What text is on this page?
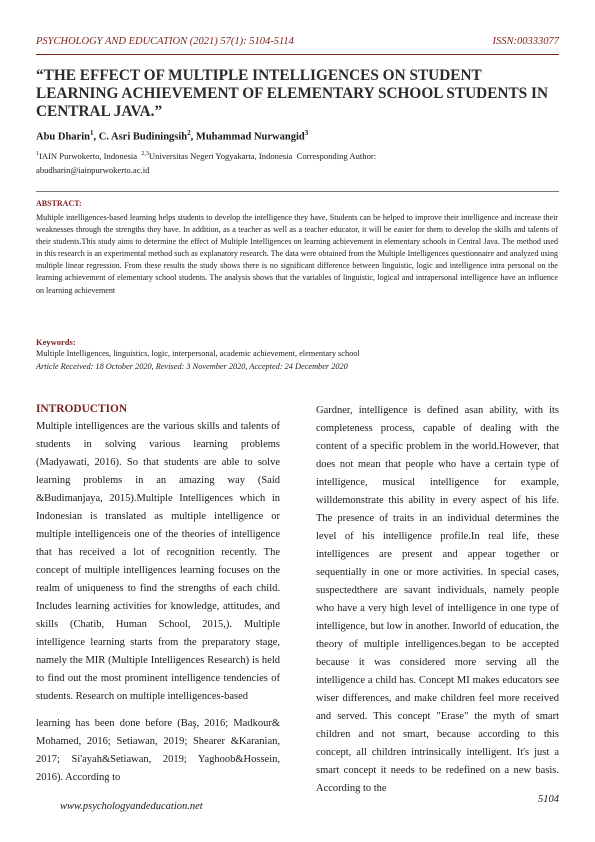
PSYCHOLOGY AND EDUCATION (2021) 57(1): 5104-5114	ISSN:00333077
“THE EFFECT OF MULTIPLE INTELLIGENCES ON STUDENT LEARNING ACHIEVEMENT OF ELEMENTARY SCHOOL STUDENTS IN CENTRAL JAVA.”
Abu Dharin$^1$, C. Asri Budiningsih$^2$, Muhammad Nurwangid$^3$
$^1$IAIN Purwokerto, Indonesia $^{2,3}$Universitas Negeri Yogyakarta, Indonesia Corresponding Author:
abudharin@iainpurwokerto.ac.id
ABSTRACT:
Multiple intelligences-based learning helps students to develop the intelligence they have, Students can be helped to improve their intelligence and increase their weaknesses through the strengths they have. In addition, as a teacher as well as a teacher educator, it will be easier for them to develop the skills and talents of their students.This study aims to determine the effect of Multiple Intelligences on learning achievement in elementary schools in Central Java. The method used in this research is an experimental method such as explanatory research. The data were obtained from the Multiple Intelligences questionnaire and analyzed using multiple linear regression. From these results the study shows there is no significant difference between linguistic, logic and intelligence intra personal on the learning achievement of elementary school students. The analysis shows that the variables of linguistic, logical and intrapersonal intelligence have an influence on learning achievement
Keywords:
Multiple Intelligences, linguistics, logic, interpersonal, academic achievement, elementary school
Article Received: 18 October 2020, Revised: 3 November 2020, Accepted: 24 December 2020
INTRODUCTION
Multiple intelligences are the various skills and talents of students in solving various learning problems (Madyawati, 2016). So that students are able to solve learning problems in an amazing way (Said &Budimanjaya, 2015).Multiple Intelligences which in Indonesian is translated as multiple intelligence or multiple intelligenceis one of the theories of intelligence that has received a lot of recognition recently. The concept of multiple intelligences learning focuses on the realm of uniqueness to find the strengths of each child. Includes learning activities for knowledge, attitudes, and skills (Chatib, Human School, 2015,). Multiple intelligence learning starts from the preparatory stage, namely the MIR (Multiple Intelligences Research) is held to find out the most prominent intelligence tendencies of students. Research on multiple intelligences-based
learning has been done before (Baş, 2016; Madkour& Mohamed, 2016; Setiawan, 2019; Shearer &Karanian, 2017; Si'ayah&Setiawan, 2019; Yaghoob&Hossein, 2016). According to
Gardner, intelligence is defined asan ability, with its completeness process, capable of dealing with the content of a specific problem in the world.However, that does not mean that people who have a certain type of intelligence, musical intelligence for example, willdemonstrate this ability in every aspect of his life. The presence of traits in an individual determines the level of his intelligence profile.In real life, these intelligences are present and appear together or sequentially in one or more activities. In special cases, suspectedthere are savant individuals, namely people who have a very high level of intelligence in one type of intelligence, but low in another. Inworld of education, the theory of multiple intelligences.began to be accepted because it was considered more serving all the intelligence a child has. Concept MI makes educators see wiser differences, and make children feel more received and served. This concept "Erase" the myth of smart children and not smart, because according to this concept, all children intrinsically intelligent. It's just a smart concept it needs to be redefined on a new basis. According to the
www.psychologyandeducation.net
5104
